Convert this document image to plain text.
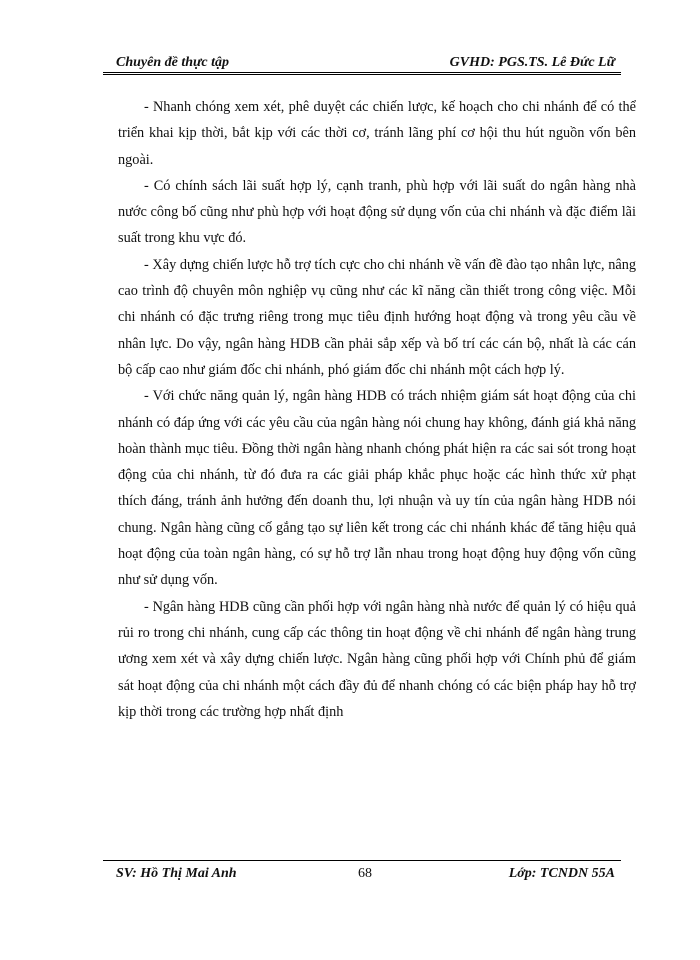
Chuyên đề thực tập	GVHD: PGS.TS. Lê Đức Lữ

- Nhanh chóng xem xét, phê duyệt các chiến lược, kế hoạch cho chi nhánh để có thể triển khai kịp thời, bắt kịp với các thời cơ, tránh lãng phí cơ hội thu hút nguồn vốn bên ngoài.

- Có chính sách lãi suất hợp lý, cạnh tranh, phù hợp với lãi suất do ngân hàng nhà nước công bố cũng như phù hợp với hoạt động sử dụng vốn của chi nhánh và đặc điểm lãi suất trong khu vực đó.

- Xây dựng chiến lược hỗ trợ tích cực cho chi nhánh về vấn đề đào tạo nhân lực, nâng cao trình độ chuyên môn nghiệp vụ cũng như các kĩ năng cần thiết trong công việc. Mỗi chi nhánh có đặc trưng riêng trong mục tiêu định hướng hoạt động và trong yêu cầu về nhân lực. Do vậy, ngân hàng HDB cần phải sắp xếp và bố trí các cán bộ, nhất là các cán bộ cấp cao như giám đốc chi nhánh, phó giám đốc chi nhánh một cách hợp lý.

- Với chức năng quản lý, ngân hàng HDB có trách nhiệm giám sát hoạt động của chi nhánh có đáp ứng với các yêu cầu của ngân hàng nói chung hay không, đánh giá khả năng hoàn thành mục tiêu. Đồng thời ngân hàng nhanh chóng phát hiện ra các sai sót trong hoạt động của chi nhánh, từ đó đưa ra các giải pháp khắc phục hoặc các hình thức xử phạt thích đáng, tránh ảnh hưởng đến doanh thu, lợi nhuận và uy tín của ngân hàng HDB nói chung. Ngân hàng cũng cố gắng tạo sự liên kết trong các chi nhánh khác để tăng hiệu quả hoạt động của toàn ngân hàng, có sự hỗ trợ lẫn nhau trong hoạt động huy động vốn cũng như sử dụng vốn.

- Ngân hàng HDB cũng cần phối hợp với ngân hàng nhà nước để quản lý có hiệu quả rủi ro trong chi nhánh, cung cấp các thông tin hoạt động về chi nhánh để ngân hàng trung ương xem xét và xây dựng chiến lược. Ngân hàng cũng phối hợp với Chính phủ để giám sát hoạt động của chi nhánh một cách đầy đủ để nhanh chóng có các biện pháp hay hỗ trợ kịp thời trong các trường hợp nhất định

SV: Hồ Thị Mai Anh	68	Lớp: TCNDN 55A
